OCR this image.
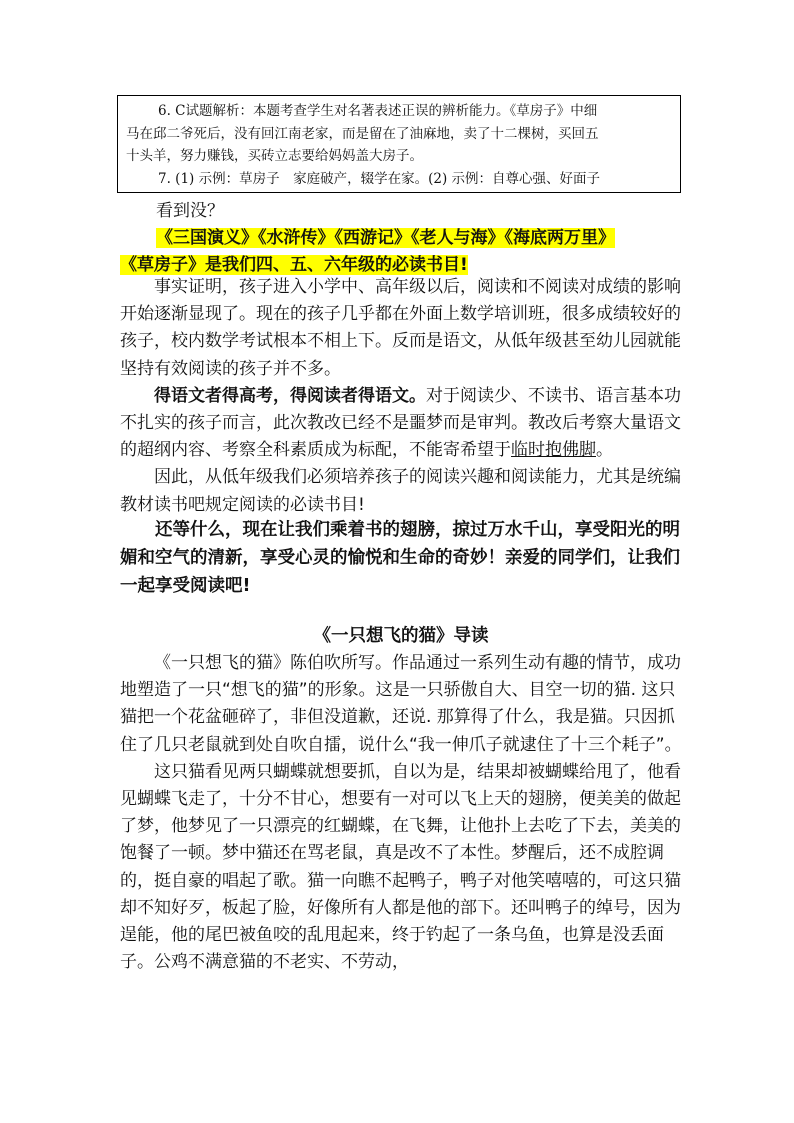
6. C试题解析：本题考查学生对名著表述正误的辨析能力。《草房子》中细

马在邱二爷死后，没有回江南老家，而是留在了油麻地，卖了十二棵树，买回五

十头羊，努力赚钱，买砖立志要给妈妈盖大房子。

7. (1) 示例：草房子　家庭破产，辍学在家。(2) 示例：自尊心强、好面子

看到没？《三国演义》《水浒传》《西游记》《老人与海》《海底两万里》

《草房子》是我们四、五、六年级的必读书目!

事实证明，孩子进入小学中、高年级以后，阅读和不阅读对成绩的影响开始逐渐显现了。现在的孩子几乎都在外面上数学培训班，很多成绩较好的孩子，校内数学考试根本不相上下。反而是语文，从低年级甚至幼儿园就能坚持有效阅读的孩子并不多。

得语文者得高考，得阅读者得语文。对于阅读少、不读书、语言基本功不扎实的孩子而言，此次教改已经不是噩梦而是审判。教改后考察大量语文的超纲内容、考察全科素质成为标配，不能寄希望于临时抱佛脚。

因此，从低年级我们必须培养孩子的阅读兴趣和阅读能力，尤其是统编教材读书吧规定阅读的必读书目!

还等什么，现在让我们乘着书的翅膀，掠过万水千山，享受阳光的明媚和空气的清新，享受心灵的愉悦和生命的奇妙！亲爱的同学们，让我们一起享受阅读吧!

《一只想飞的猫》导读

《一只想飞的猫》陈伯吹所写。作品通过一系列生动有趣的情节，成功地塑造了一只“想飞的猫”的形象。这是一只骄傲自大、目空一切的猫. 这只猫把一个花盆砸碎了，非但没道歉，还说. 那算得了什么，我是猫。只因抓住了几只老鼠就到处自吹自擂，说什么“我一伸爪子就逮住了十三个耗子”。

这只猫看见两只蝴蝶就想要抓，自以为是，结果却被蝴蝶给甩了，他看见蝴蝶飞走了，十分不甘心，想要有一对可以飞上天的翅膀，便美美的做起了梦，他梦见了一只漂亮的红蝴蝶，在飞舞，让他扑上去吃了下去，美美的饱餐了一顿。梦中猫还在骂老鼠，真是改不了本性。梦醒后，还不成腔调的，挺自豪的唱起了歌。猫一向瞧不起鸭子，鸭子对他笑嘻嘻的，可这只猫却不知好歹，板起了脸，好像所有人都是他的部下。还叫鸭子的绰号，因为逞能，他的尾巴被鱼咬的乱甩起来，终于钓起了一条乌鱼，也算是没丢面子。公鸡不满意猫的不老实、不劳动，
